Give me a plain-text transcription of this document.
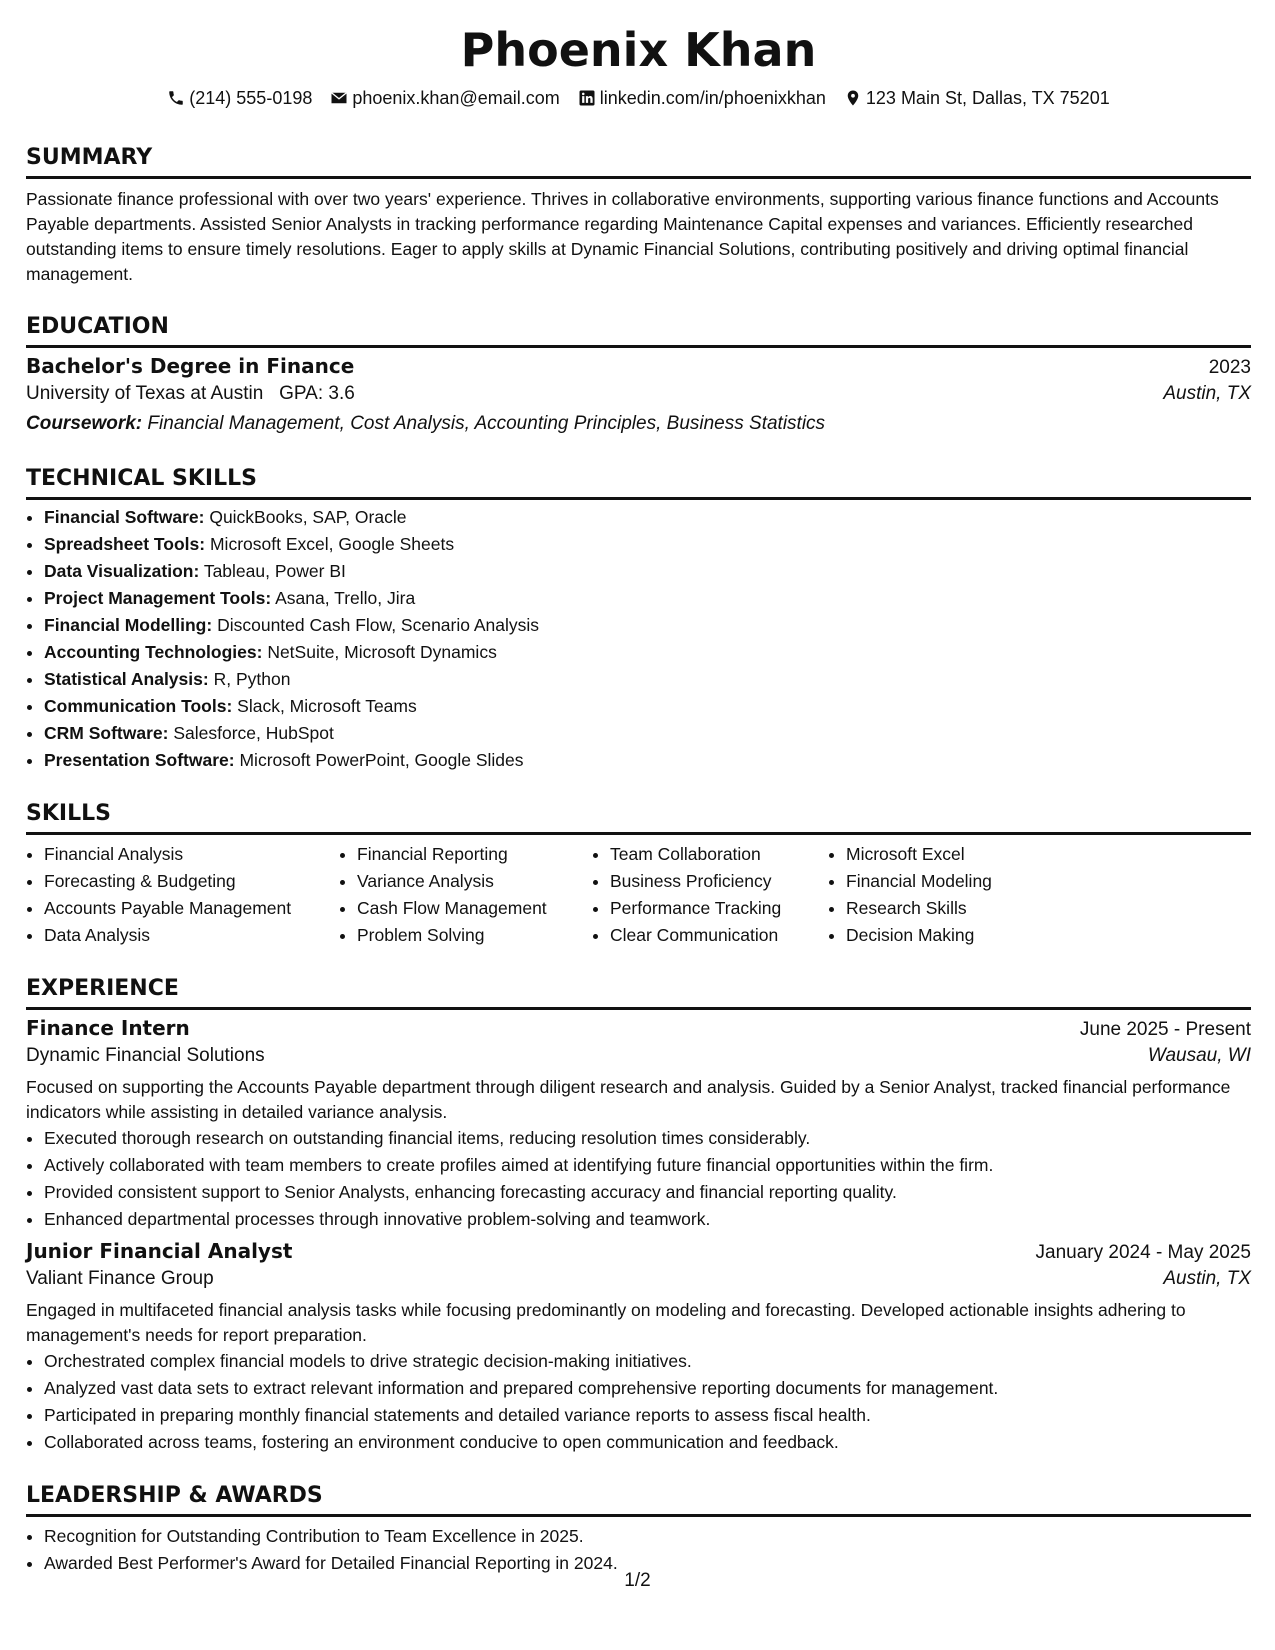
Phoenix Khan
(214) 555-0198 phoenix.khan@email.com linkedin.com/in/phoenixkhan 123 Main St, Dallas, TX 75201
SUMMARY

Passionate finance professional with over two years' experience. Thrives in collaborative environments, supporting various finance functions and Accounts Payable departments. Assisted Senior Analysts in tracking performance regarding Maintenance Capital expenses and variances. Efficiently researched outstanding items to ensure timely resolutions. Eager to apply skills at Dynamic Financial Solutions, contributing positively and driving optimal financial management.

EDUCATION
Bachelor's Degree in Finance	2023
University of Texas at Austin GPA: 3.6	Austin, TX
Coursework: Financial Management, Cost Analysis, Accounting Principles, Business Statistics
TECHNICAL SKILLS
• Financial Software: QuickBooks, SAP, Oracle
• Spreadsheet Tools: Microsoft Excel, Google Sheets
• Data Visualization: Tableau, Power BI
• Project Management Tools: Asana, Trello, Jira
• Financial Modelling: Discounted Cash Flow, Scenario Analysis
• Accounting Technologies: NetSuite, Microsoft Dynamics
• Statistical Analysis: R, Python
• Communication Tools: Slack, Microsoft Teams
• CRM Software: Salesforce, HubSpot
• Presentation Software: Microsoft PowerPoint, Google Slides
SKILLS
• Financial Analysis
• Forecasting & Budgeting
• Accounts Payable Management
• Data Analysis
• Financial Reporting
• Variance Analysis
• Cash Flow Management
• Problem Solving
• Team Collaboration
• Business Proficiency
• Performance Tracking
• Clear Communication
• Microsoft Excel
• Financial Modeling
• Research Skills
• Decision Making
EXPERIENCE
Finance Intern	June 2025 - Present
Dynamic Financial Solutions	Wausau, WI

Focused on supporting the Accounts Payable department through diligent research and analysis. Guided by a Senior Analyst, tracked financial performance indicators while assisting in detailed variance analysis.

• Executed thorough research on outstanding financial items, reducing resolution times considerably.
• Actively collaborated with team members to create profiles aimed at identifying future financial opportunities within the firm.
• Provided consistent support to Senior Analysts, enhancing forecasting accuracy and financial reporting quality.
• Enhanced departmental processes through innovative problem-solving and teamwork.
Junior Financial Analyst	January 2024 - May 2025
Valiant Finance Group	Austin, TX

Engaged in multifaceted financial analysis tasks while focusing predominantly on modeling and forecasting. Developed actionable insights adhering to management's needs for report preparation.

• Orchestrated complex financial models to drive strategic decision-making initiatives.
• Analyzed vast data sets to extract relevant information and prepared comprehensive reporting documents for management.
• Participated in preparing monthly financial statements and detailed variance reports to assess fiscal health.
• Collaborated across teams, fostering an environment conducive to open communication and feedback.
LEADERSHIP & AWARDS
• Recognition for Outstanding Contribution to Team Excellence in 2025.
• Awarded Best Performer's Award for Detailed Financial Reporting in 2024.
1/2
